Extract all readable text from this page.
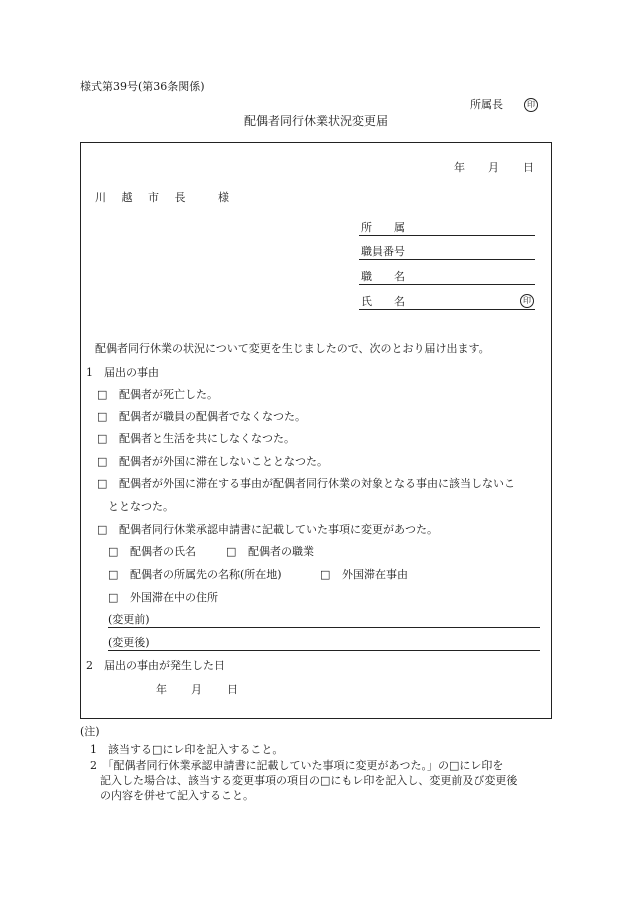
様式第39号(第36条関係)
所属長	印
配偶者同行休業状況変更届
年 月 日
川 越 市 長　 様
所　　属
職員番号
職　　名
氏　　名	印
配偶者同行休業の状況について変更を生じましたので、次のとおり届け出ます。
1　届出の事由
□ 配偶者が死亡した。
□ 配偶者が職員の配偶者でなくなつた。
□ 配偶者と生活を共にしなくなつた。
□ 配偶者が外国に滞在しないこととなつた。
□ 配偶者が外国に滞在する事由が配偶者同行休業の対象となる事由に該当しないこ
ととなつた。
□ 配偶者同行休業承認申請書に記載していた事項に変更があつた。
□ 配偶者の氏名	□ 配偶者の職業
□ 配偶者の所属先の名称(所在地)	□ 外国滞在事由
□ 外国滞在中の住所
(変更前)
(変更後)
2　届出の事由が発生した日
年 月 日
(注)
1　該当する□にレ印を記入すること。
2　「配偶者同行休業承認申請書に記載していた事項に変更があつた。」の□にレ印を
記入した場合は、該当する変更事項の項目の□にもレ印を記入し、変更前及び変更後
の内容を併せて記入すること。
